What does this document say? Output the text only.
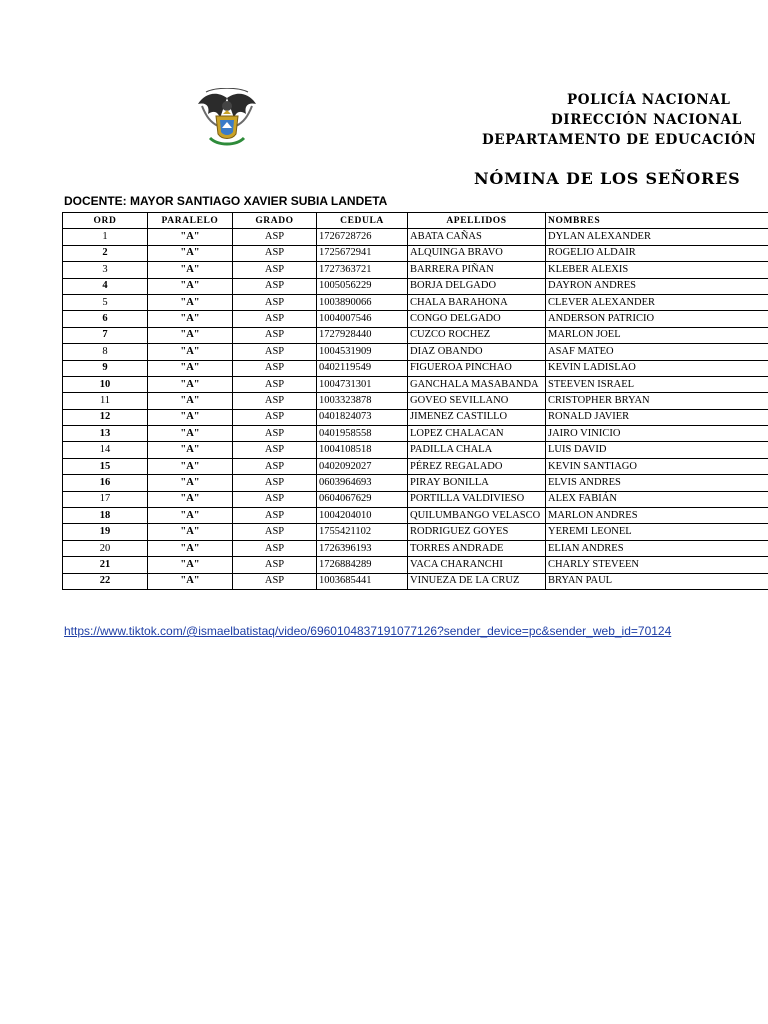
POLICÍA NACIONAL
DIRECCIÓN NACIONAL
DEPARTAMENTO DE EDUCACIÓN
NÓMINA DE LOS SEÑORES
DOCENTE: MAYOR SANTIAGO XAVIER SUBIA LANDETA
ORD	PARALELO	GRADO	CEDULA	APELLIDOS	NOMBRES
1	"A"	ASP	1726728726	ABATA CAÑAS	DYLAN ALEXANDER
2	"A"	ASP	1725672941	ALQUINGA BRAVO	ROGELIO ALDAIR
3	"A"	ASP	1727363721	BARRERA PIÑAN	KLEBER ALEXIS
4	"A"	ASP	1005056229	BORJA DELGADO	DAYRON ANDRES
5	"A"	ASP	1003890066	CHALA BARAHONA	CLEVER ALEXANDER
6	"A"	ASP	1004007546	CONGO DELGADO	ANDERSON PATRICIO
7	"A"	ASP	1727928440	CUZCO ROCHEZ	MARLON JOEL
8	"A"	ASP	1004531909	DIAZ OBANDO	ASAF MATEO
9	"A"	ASP	0402119549	FIGUEROA PINCHAO	KEVIN LADISLAO
10	"A"	ASP	1004731301	GANCHALA MASABANDA	STEEVEN ISRAEL
11	"A"	ASP	1003323878	GOVEO SEVILLANO	CRISTOPHER BRYAN
12	"A"	ASP	0401824073	JIMENEZ CASTILLO	RONALD JAVIER
13	"A"	ASP	0401958558	LOPEZ CHALACAN	JAIRO VINICIO
14	"A"	ASP	1004108518	PADILLA CHALA	LUIS DAVID
15	"A"	ASP	0402092027	PÉREZ REGALADO	KEVIN SANTIAGO
16	"A"	ASP	0603964693	PIRAY BONILLA	ELVIS ANDRES
17	"A"	ASP	0604067629	PORTILLA VALDIVIESO	ALEX FABIÁN
18	"A"	ASP	1004204010	QUILUMBANGO VELASCO	MARLON ANDRES
19	"A"	ASP	1755421102	RODRIGUEZ GOYES	YEREMI LEONEL
20	"A"	ASP	1726396193	TORRES ANDRADE	ELIAN ANDRES
21	"A"	ASP	1726884289	VACA CHARANCHI	CHARLY STEVEEN
22	"A"	ASP	1003685441	VINUEZA DE LA CRUZ	BRYAN PAUL
https://www.tiktok.com/@ismaelbatistaq/video/6960104837191077126?sender_device=pc&sender_web_id=70124
